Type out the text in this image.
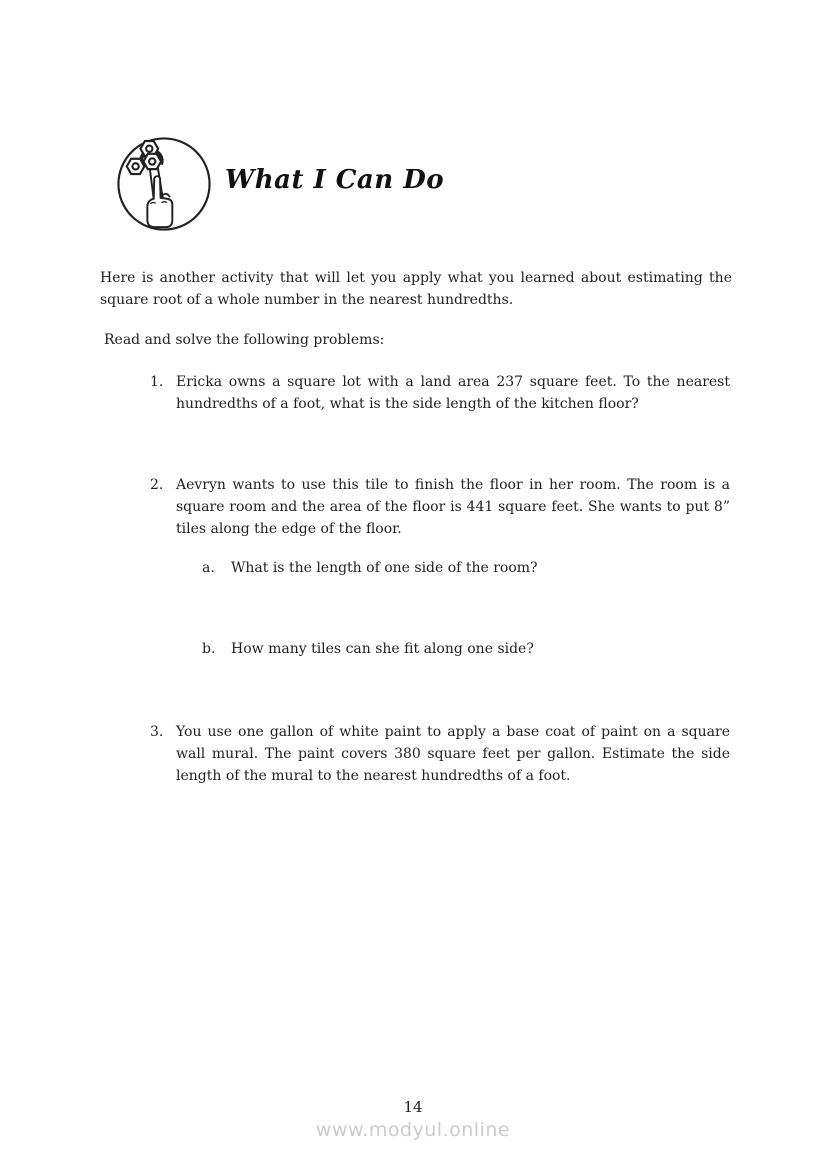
What I Can Do
Here is another activity that will let you apply what you learned about estimating the square root of a whole number in the nearest hundredths.
Read and solve the following problems:
1. Ericka owns a square lot with a land area 237 square feet. To the nearest hundredths of a foot, what is the side length of the kitchen floor?
2. Aevryn wants to use this tile to finish the floor in her room. The room is a square room and the area of the floor is 441 square feet. She wants to put 8” tiles along the edge of the floor.
a.	What is the length of one side of the room?
b.	How many tiles can she fit along one side?
3. You use one gallon of white paint to apply a base coat of paint on a square wall mural. The paint covers 380 square feet per gallon. Estimate the side length of the mural to the nearest hundredths of a foot.
14
www.modyul.online
